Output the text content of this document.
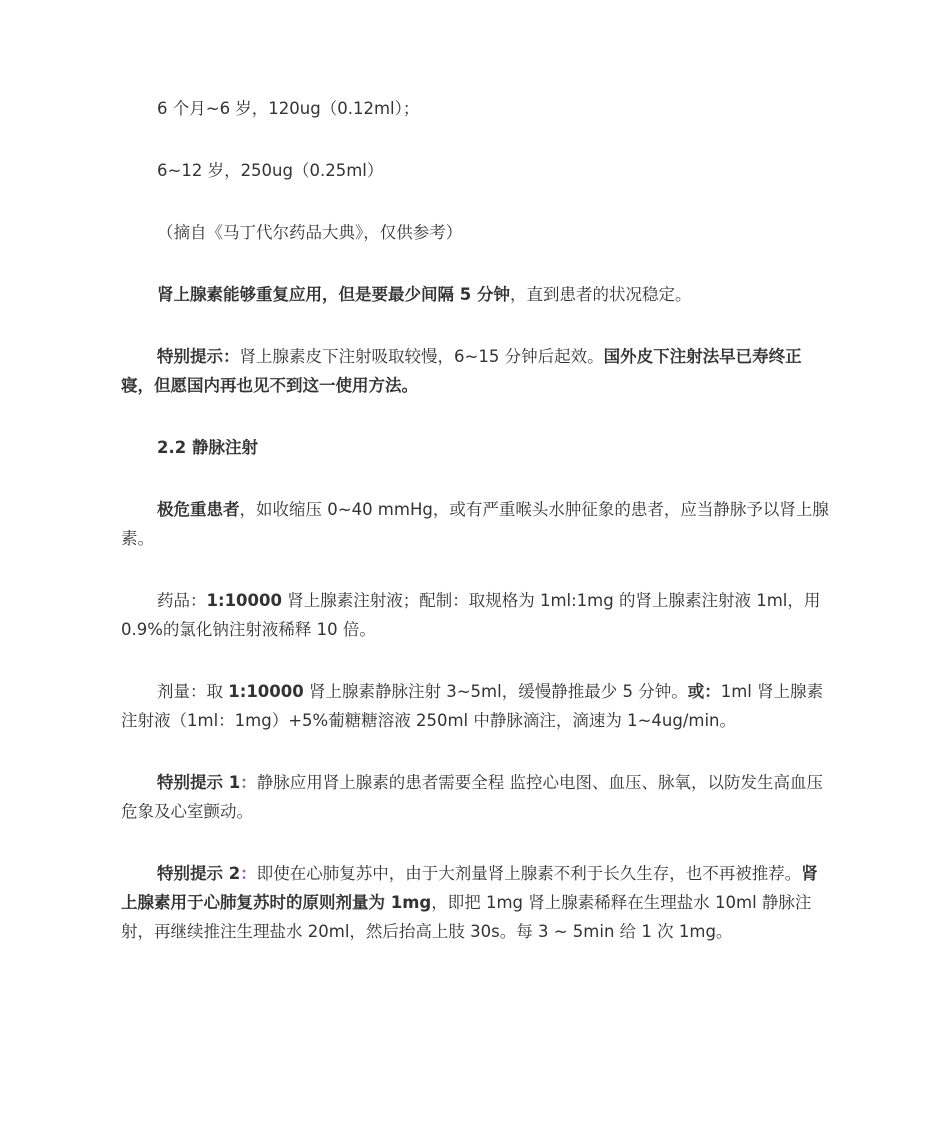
6 个月~6 岁，120ug（0.12ml）；

6~12 岁，250ug（0.25ml）

（摘自《马丁代尔药品大典》，仅供参考）

肾上腺素能够重复应用，但是要最少间隔 5 分钟，直到患者的状况稳定。

特别提示：肾上腺素皮下注射吸取较慢，6~15 分钟后起效。国外皮下注射法早已寿终正寝，但愿国内再也见不到这一使用方法。

2.2 静脉注射

极危重患者，如收缩压 0~40 mmHg，或有严重喉头水肿征象的患者，应当静脉予以肾上腺素。

药品：1:10000 肾上腺素注射液；配制：取规格为 1ml:1mg 的肾上腺素注射液 1ml，用 0.9%的氯化钠注射液稀释 10 倍。

剂量：取 1:10000 肾上腺素静脉注射 3~5ml，缓慢静推最少 5 分钟。或：1ml 肾上腺素注射液（1ml：1mg）+5%葡糖糖溶液 250ml 中静脉滴注，滴速为 1~4ug/min。

特别提示 1：静脉应用肾上腺素的患者需要全程 监控心电图、血压、脉氧，以防发生高血压危象及心室颤动。

特别提示 2：即使在心肺复苏中，由于大剂量肾上腺素不利于长久生存，也不再被推荐。肾上腺素用于心肺复苏时的原则剂量为 1mg，即把 1mg 肾上腺素稀释在生理盐水 10ml 静脉注射，再继续推注生理盐水 20ml，然后抬高上肢 30s。每 3 ~ 5min 给 1 次 1mg。
